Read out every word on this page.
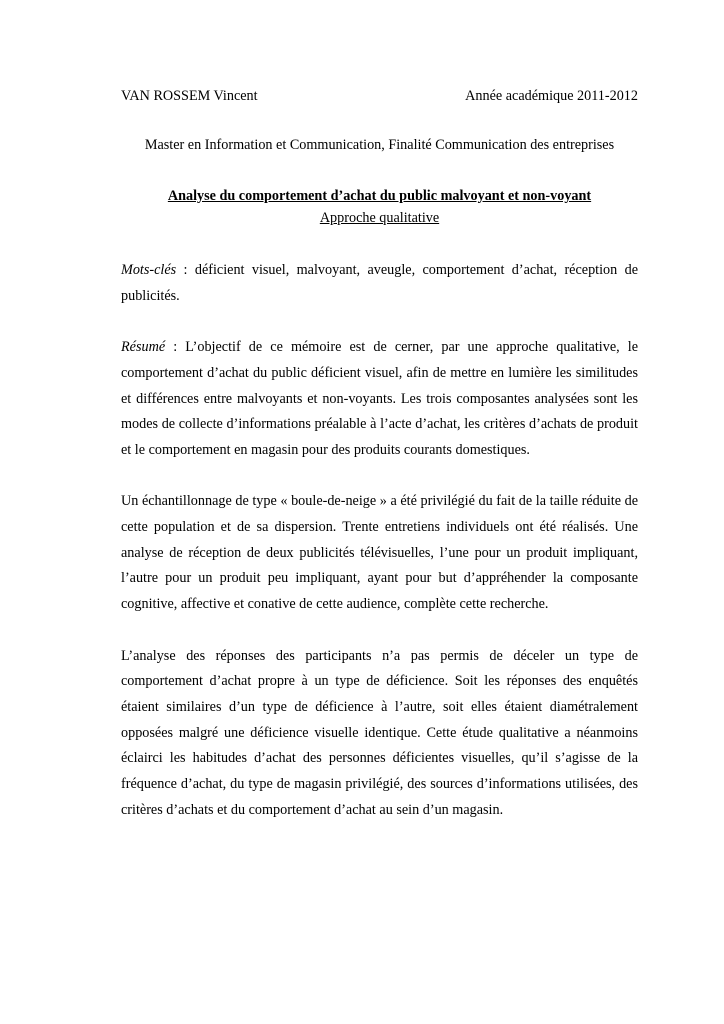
VAN ROSSEM Vincent	Année académique 2011-2012
Master en Information et Communication, Finalité Communication des entreprises
Analyse du comportement d’achat du public malvoyant et non-voyant
Approche qualitative

Mots-clés : déficient visuel, malvoyant, aveugle, comportement d’achat, réception de publicités.

Résumé : L’objectif de ce mémoire est de cerner, par une approche qualitative, le comportement d’achat du public déficient visuel, afin de mettre en lumière les similitudes et différences entre malvoyants et non-voyants. Les trois composantes analysées sont les modes de collecte d’informations préalable à l’acte d’achat, les critères d’achats de produit et le comportement en magasin pour des produits courants domestiques.

Un échantillonnage de type « boule-de-neige » a été privilégié du fait de la taille réduite de cette population et de sa dispersion. Trente entretiens individuels ont été réalisés. Une analyse de réception de deux publicités télévisuelles, l’une pour un produit impliquant, l’autre pour un produit peu impliquant, ayant pour but d’appréhender la composante cognitive, affective et conative de cette audience, complète cette recherche.

L’analyse des réponses des participants n’a pas permis de déceler un type de comportement d’achat propre à un type de déficience. Soit les réponses des enquêtés étaient similaires d’un type de déficience à l’autre, soit elles étaient diamétralement opposées malgré une déficience visuelle identique. Cette étude qualitative a néanmoins éclairci les habitudes d’achat des personnes déficientes visuelles, qu’il s’agisse de la fréquence d’achat, du type de magasin privilégié, des sources d’informations utilisées, des critères d’achats et du comportement d’achat au sein d’un magasin.
